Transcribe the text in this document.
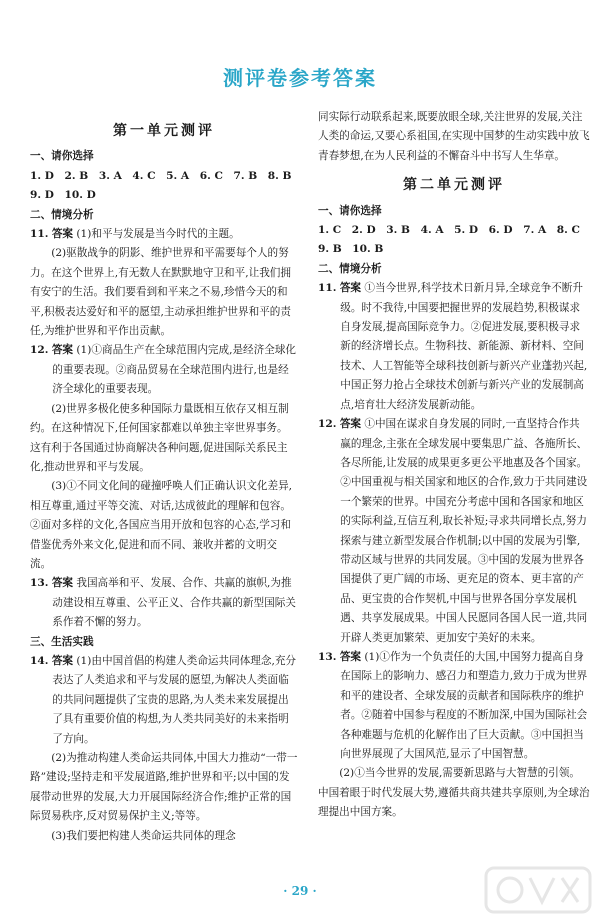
测评卷参考答案
第一单元测评
一、请你选择
1. D　2. B　3. A　4. C　5. A　6. C　7. B　8. B
9. D　10. D
二、情境分析
11. 答案 (1)和平与发展是当今时代的主题。
(2)驱散战争的阴影、维护世界和平需要每个人的努力。在这个世界上,有无数人在默默地守卫和平,让我们拥有安宁的生活。我们要看到和平来之不易,珍惜今天的和平,积极表达爱好和平的愿望,主动承担维护世界和平的责任,为维护世界和平作出贡献。
12. 答案 (1)①商品生产在全球范围内完成,是经济全球化的重要表现。②商品贸易在全球范围内进行,也是经济全球化的重要表现。
(2)世界多极化使多种国际力量既相互依存又相互制约。在这种情况下,任何国家都难以单独主宰世界事务。这有利于各国通过协商解决各种问题,促进国际关系民主化,推动世界和平与发展。
(3)①不同文化间的碰撞呼唤人们正确认识文化差异,相互尊重,通过平等交流、对话,达成彼此的理解和包容。②面对多样的文化,各国应当用开放和包容的心态,学习和借鉴优秀外来文化,促进和而不同、兼收并蓄的文明交流。
13. 答案 我国高举和平、发展、合作、共赢的旗帜,为推动建设相互尊重、公平正义、合作共赢的新型国际关系作着不懈的努力。
三、生活实践
14. 答案 (1)由中国首倡的构建人类命运共同体理念,充分表达了人类追求和平与发展的愿望,为解决人类面临的共同问题提供了宝贵的思路,为人类未来发展提出了具有重要价值的构想,为人类共同美好的未来指明了方向。
(2)为推动构建人类命运共同体,中国大力推动“一带一路”建设;坚持走和平发展道路,维护世界和平;以中国的发展带动世界的发展,大力开展国际经济合作;维护正常的国际贸易秩序,反对贸易保护主义;等等。
(3)我们要把构建人类命运共同体的理念
同实际行动联系起来,既要放眼全球,关注世界的发展,关注人类的命运,又要心系祖国,在实现中国梦的生动实践中放飞青春梦想,在为人民利益的不懈奋斗中书写人生华章。
第二单元测评
一、请你选择
1. C　2. D　3. B　4. A　5. D　6. D　7. A　8. C
9. B　10. B
二、情境分析
11. 答案 ①当今世界,科学技术日新月异,全球竞争不断升级。时不我待,中国要把握世界的发展趋势,积极谋求自身发展,提高国际竞争力。②促进发展,要积极寻求新的经济增长点。生物科技、新能源、新材料、空间技术、人工智能等全球科技创新与新兴产业蓬勃兴起,中国正努力抢占全球技术创新与新兴产业的发展制高点,培育壮大经济发展新动能。
12. 答案 ①中国在谋求自身发展的同时,一直坚持合作共赢的理念,主张在全球发展中要集思广益、各施所长、各尽所能,让发展的成果更多更公平地惠及各个国家。②中国重视与相关国家和地区的合作,致力于共同建设一个繁荣的世界。中国充分考虑中国和各国家和地区的实际利益,互信互利,取长补短;寻求共同增长点,努力探索与建立新型发展合作机制;以中国的发展为引擎,带动区域与世界的共同发展。③中国的发展为世界各国提供了更广阔的市场、更充足的资本、更丰富的产品、更宝贵的合作契机,中国与世界各国分享发展机遇、共享发展成果。中国人民愿同各国人民一道,共同开辟人类更加繁荣、更加安宁美好的未来。
13. 答案 (1)①作为一个负责任的大国,中国努力提高自身在国际上的影响力、感召力和塑造力,致力于成为世界和平的建设者、全球发展的贡献者和国际秩序的维护者。②随着中国参与程度的不断加深,中国为国际社会各种难题与危机的化解作出了巨大贡献。③中国担当向世界展现了大国风范,显示了中国智慧。
(2)①当今世界的发展,需要新思路与大智慧的引领。中国着眼于时代发展大势,遵循共商共建共享原则,为全球治理提出中国方案。
· 29 ·
